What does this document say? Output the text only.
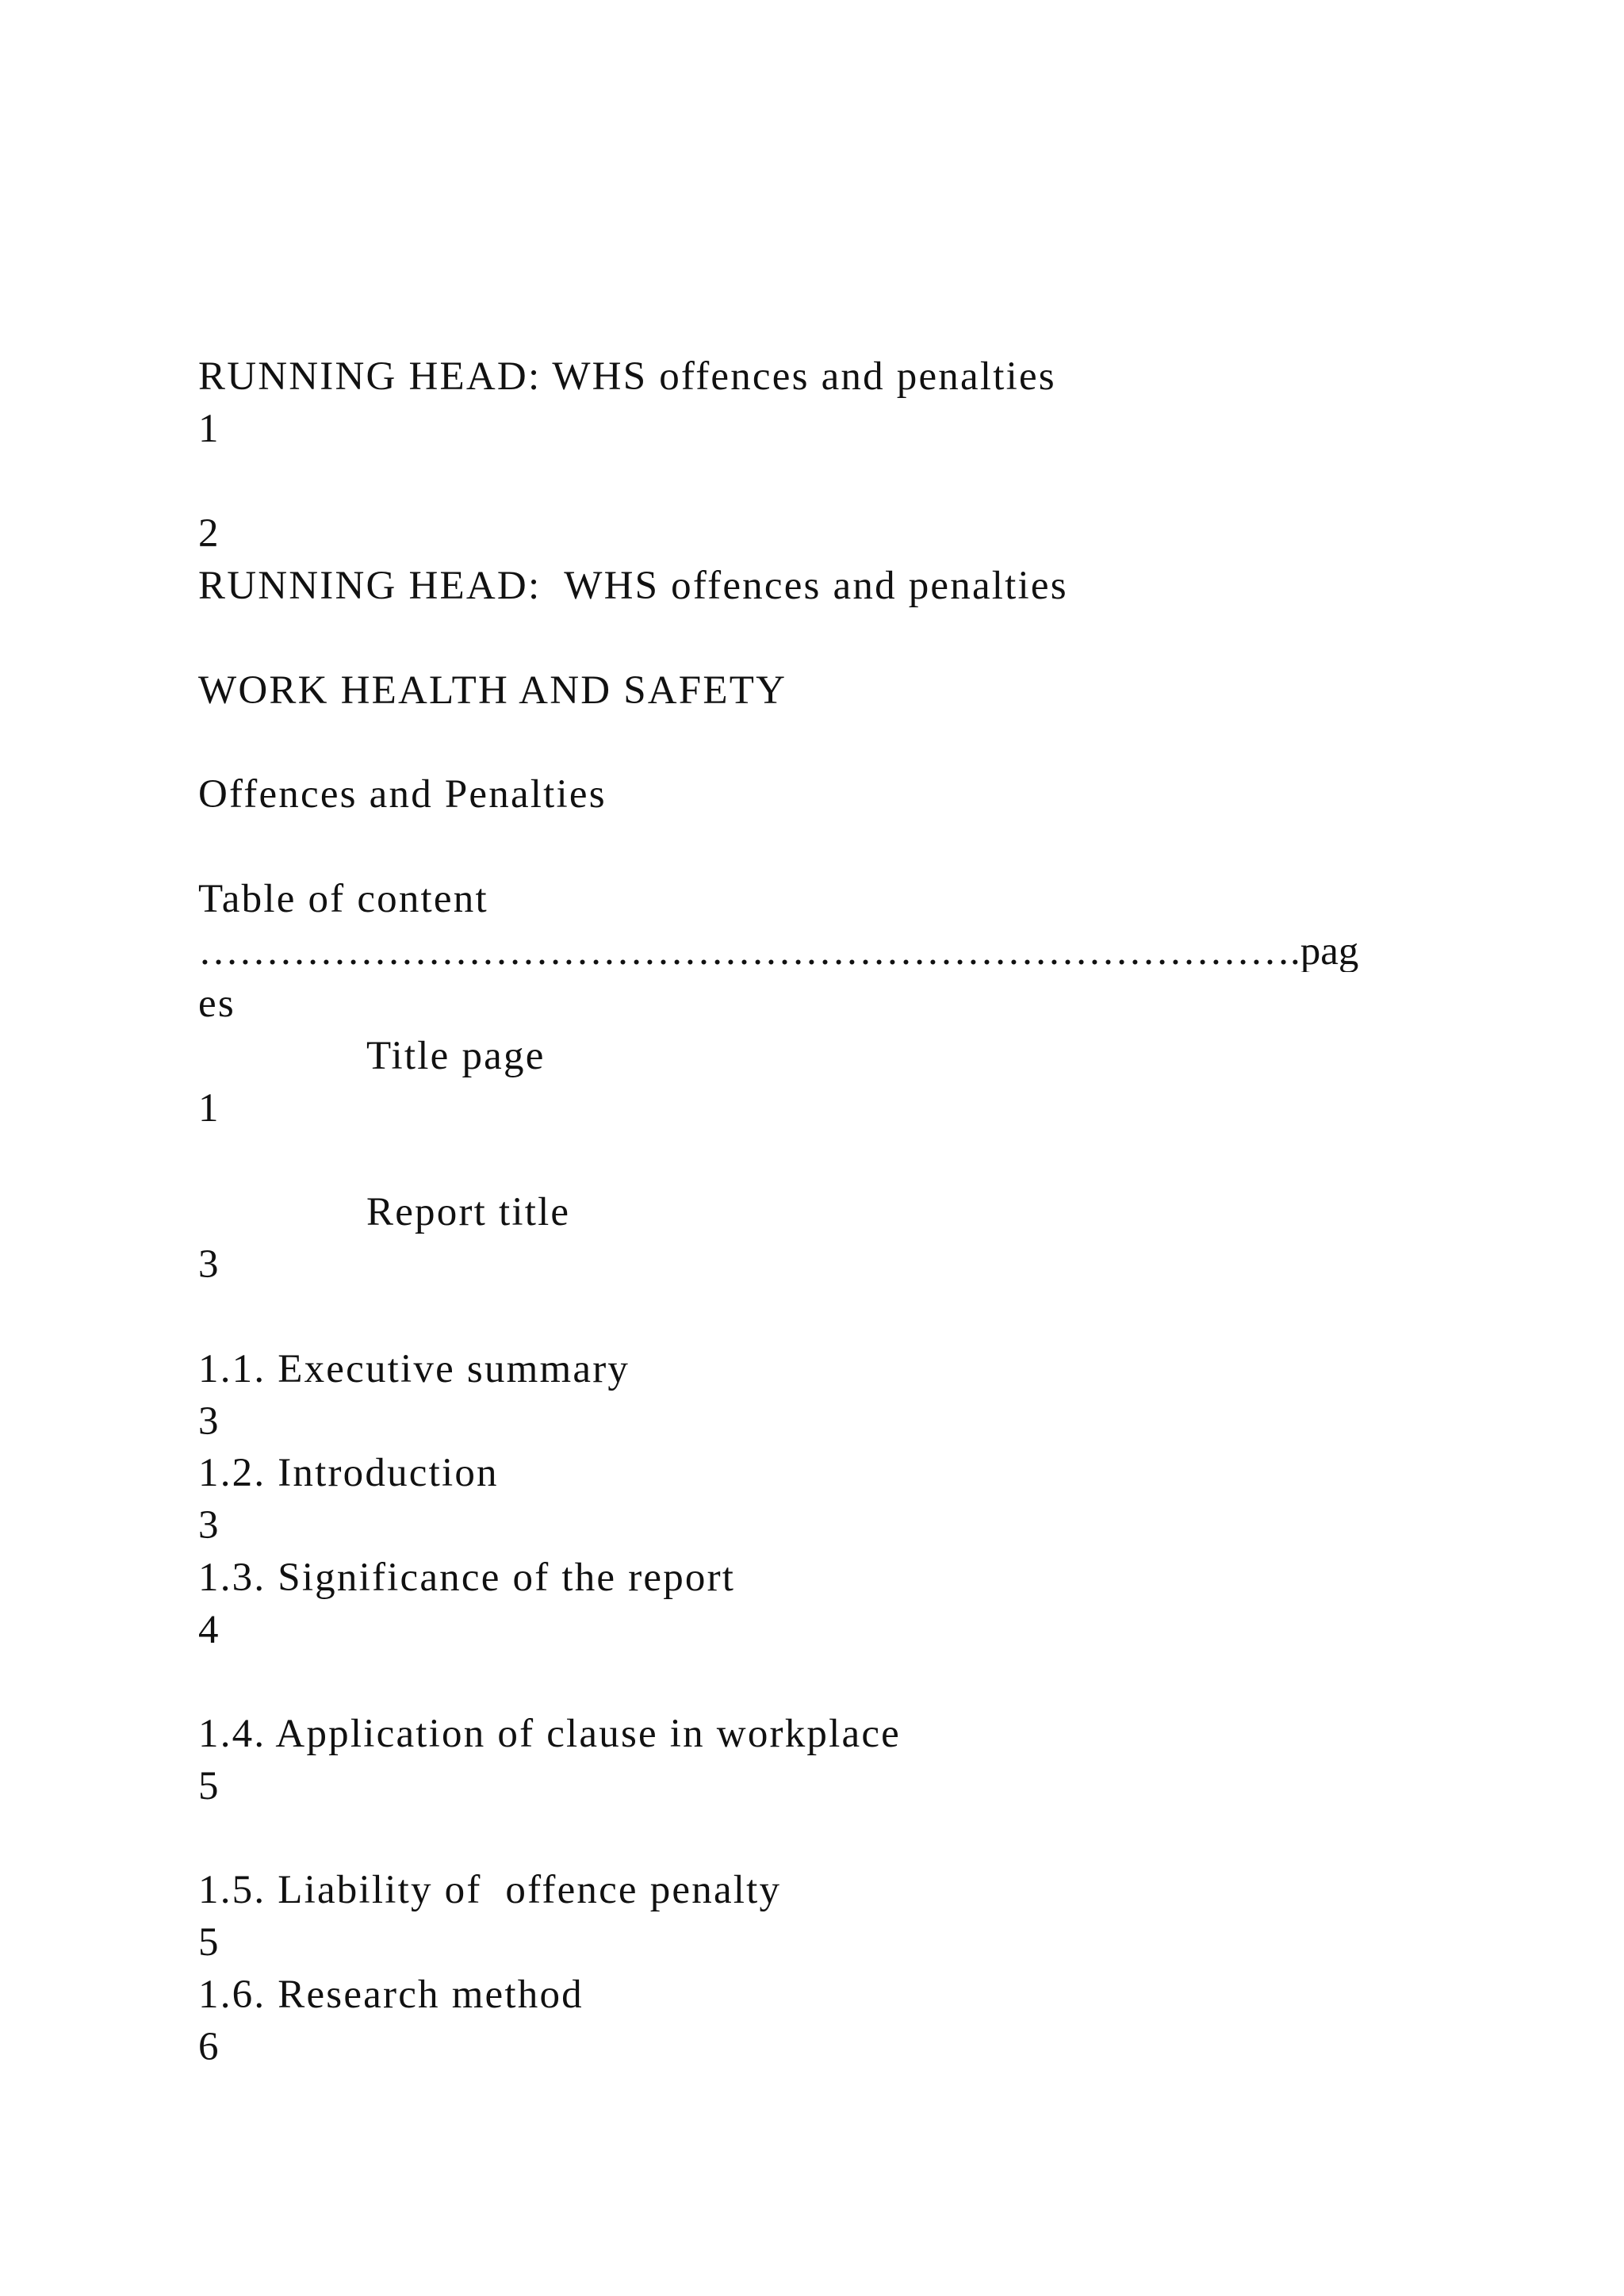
RUNNING HEAD: WHS offences and penalties
1
2
RUNNING HEAD:  WHS offences and penalties
WORK HEALTH AND SAFETY
Offences and Penalties
Table of content
……………………………………………………………………….pag
es
Title page
1
Report title
3
1.1. Executive summary
3
1.2. Introduction
3
1.3. Significance of the report
4
1.4. Application of clause in workplace
5
1.5. Liability of  offence penalty
5
1.6. Research method
6
